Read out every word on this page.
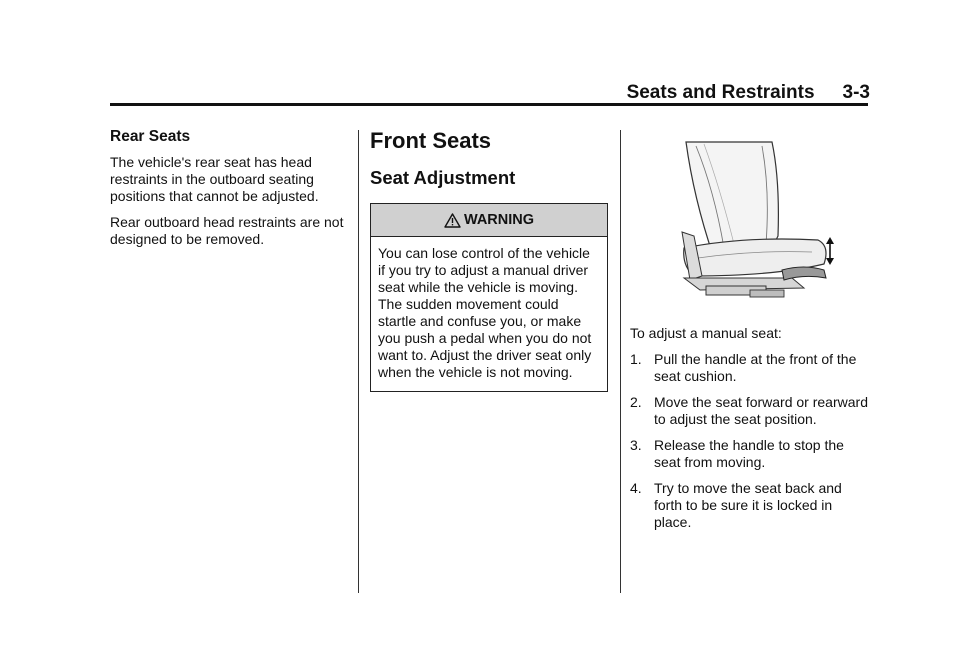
Seats and Restraints 3-3
Rear Seats

The vehicle's rear seat has head restraints in the outboard seating positions that cannot be adjusted.

Rear outboard head restraints are not designed to be removed.

Front Seats
Seat Adjustment
WARNING
You can lose control of the vehicle if you try to adjust a manual driver seat while the vehicle is moving. The sudden movement could startle and confuse you, or make you push a pedal when you do not want to. Adjust the driver seat only when the vehicle is not moving.

To adjust a manual seat:

1. Pull the handle at the front of the seat cushion.
2. Move the seat forward or rearward to adjust the seat position.
3. Release the handle to stop the seat from moving.
4. Try to move the seat back and forth to be sure it is locked in place.
